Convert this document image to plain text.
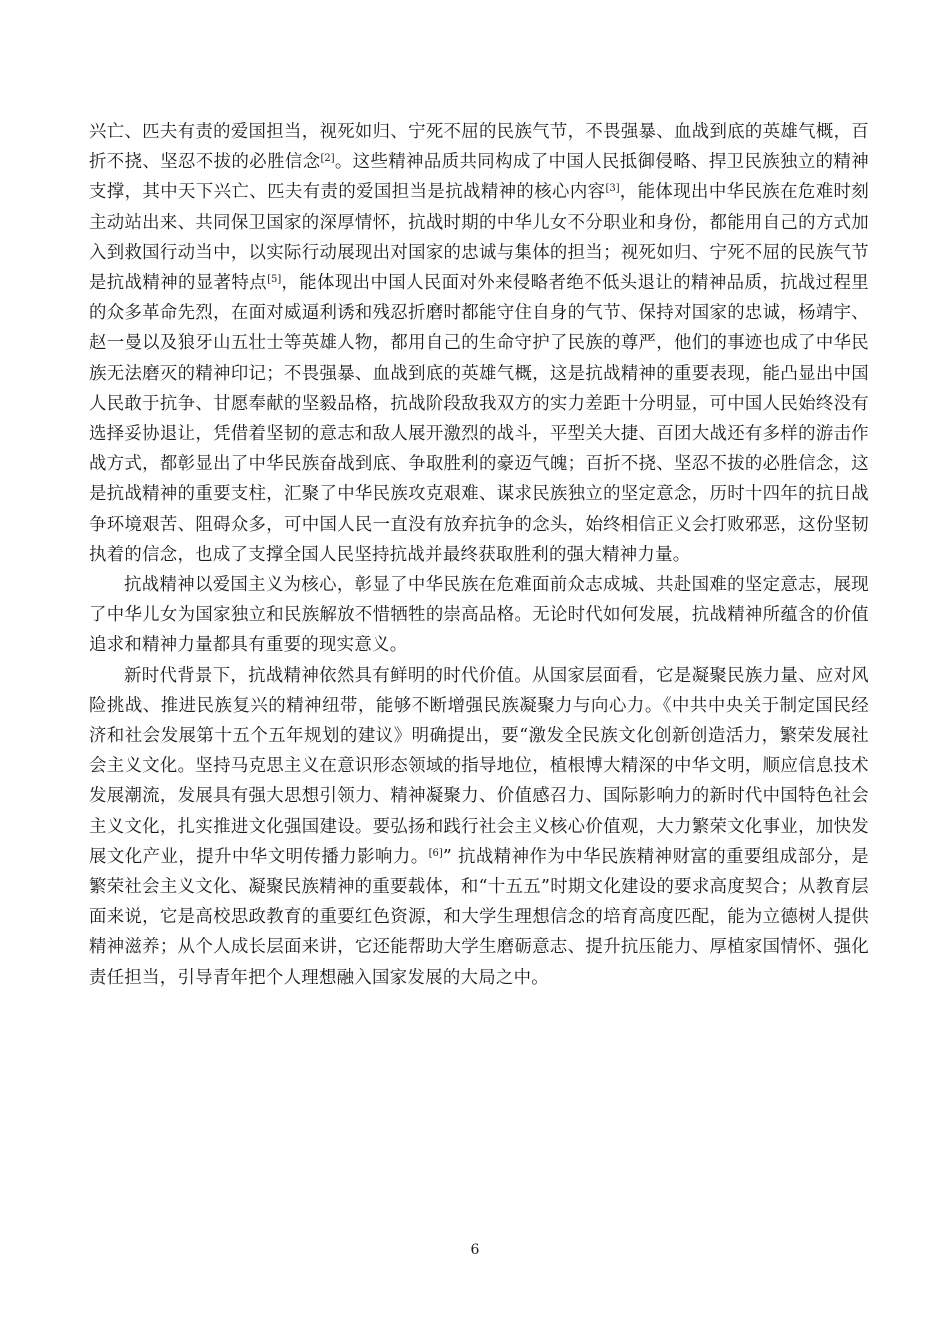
兴亡、匹夫有责的爱国担当，视死如归、宁死不屈的民族气节，不畏强暴、血战到底的英雄气概，百折不挠、坚忍不拔的必胜信念[2]。这些精神品质共同构成了中国人民抵御侵略、捍卫民族独立的精神支撑，其中天下兴亡、匹夫有责的爱国担当是抗战精神的核心内容[3]，能体现出中华民族在危难时刻主动站出来、共同保卫国家的深厚情怀，抗战时期的中华儿女不分职业和身份，都能用自己的方式加入到救国行动当中，以实际行动展现出对国家的忠诚与集体的担当；视死如归、宁死不屈的民族气节是抗战精神的显著特点[5]，能体现出中国人民面对外来侵略者绝不低头退让的精神品质，抗战过程里的众多革命先烈，在面对威逼利诱和残忍折磨时都能守住自身的气节、保持对国家的忠诚，杨靖宇、赵一曼以及狼牙山五壮士等英雄人物，都用自己的生命守护了民族的尊严，他们的事迹也成了中华民族无法磨灭的精神印记；不畏强暴、血战到底的英雄气概，这是抗战精神的重要表现，能凸显出中国人民敢于抗争、甘愿奉献的坚毅品格，抗战阶段敌我双方的实力差距十分明显，可中国人民始终没有选择妥协退让，凭借着坚韧的意志和敌人展开激烈的战斗，平型关大捷、百团大战还有多样的游击作战方式，都彰显出了中华民族奋战到底、争取胜利的豪迈气魄；百折不挠、坚忍不拔的必胜信念，这是抗战精神的重要支柱，汇聚了中华民族攻克艰难、谋求民族独立的坚定意念，历时十四年的抗日战争环境艰苦、阻碍众多，可中国人民一直没有放弃抗争的念头，始终相信正义会打败邪恶，这份坚韧执着的信念，也成了支撑全国人民坚持抗战并最终获取胜利的强大精神力量。

抗战精神以爱国主义为核心，彰显了中华民族在危难面前众志成城、共赴国难的坚定意志，展现了中华儿女为国家独立和民族解放不惜牺牲的崇高品格。无论时代如何发展，抗战精神所蕴含的价值追求和精神力量都具有重要的现实意义。

新时代背景下，抗战精神依然具有鲜明的时代价值。从国家层面看，它是凝聚民族力量、应对风险挑战、推进民族复兴的精神纽带，能够不断增强民族凝聚力与向心力。《中共中央关于制定国民经济和社会发展第十五个五年规划的建议》明确提出，要“激发全民族文化创新创造活力，繁荣发展社会主义文化。坚持马克思主义在意识形态领域的指导地位，植根博大精深的中华文明，顺应信息技术发展潮流，发展具有强大思想引领力、精神凝聚力、价值感召力、国际影响力的新时代中国特色社会主义文化，扎实推进文化强国建设。要弘扬和践行社会主义核心价值观，大力繁荣文化事业，加快发展文化产业，提升中华文明传播力影响力。[6]” 抗战精神作为中华民族精神财富的重要组成部分，是繁荣社会主义文化、凝聚民族精神的重要载体，和“十五五”时期文化建设的要求高度契合；从教育层面来说，它是高校思政教育的重要红色资源，和大学生理想信念的培育高度匹配，能为立德树人提供精神滋养；从个人成长层面来讲，它还能帮助大学生磨砺意志、提升抗压能力、厚植家国情怀、强化责任担当，引导青年把个人理想融入国家发展的大局之中。

6
